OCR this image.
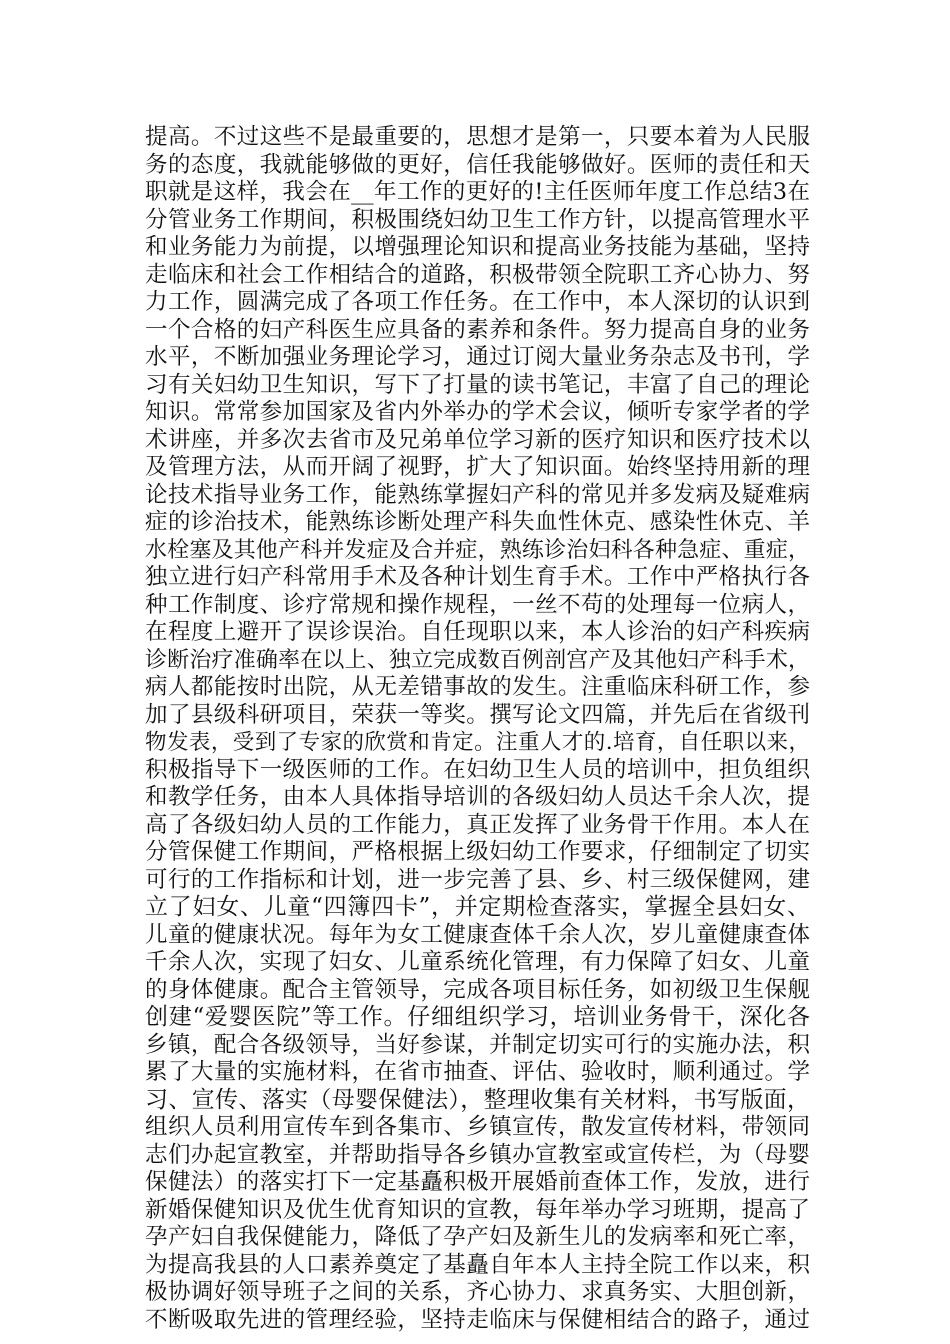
提高。不过这些不是最重要的，思想才是第一，只要本着为人民服
务的态度，我就能够做的更好，信任我能够做好。医师的责任和天
职就是这样，我会在__年工作的更好的!主任医师年度工作总结3在
分管业务工作期间，积极围绕妇幼卫生工作方针，以提高管理水平
和业务能力为前提，以增强理论知识和提高业务技能为基础，坚持
走临床和社会工作相结合的道路，积极带领全院职工齐心协力、努
力工作，圆满完成了各项工作任务。在工作中，本人深切的认识到
一个合格的妇产科医生应具备的素养和条件。努力提高自身的业务
水平，不断加强业务理论学习，通过订阅大量业务杂志及书刊，学
习有关妇幼卫生知识，写下了打量的读书笔记，丰富了自己的理论
知识。常常参加国家及省内外举办的学术会议，倾听专家学者的学
术讲座，并多次去省市及兄弟单位学习新的医疗知识和医疗技术以
及管理方法，从而开阔了视野，扩大了知识面。始终坚持用新的理
论技术指导业务工作，能熟练掌握妇产科的常见并多发病及疑难病
症的诊治技术，能熟练诊断处理产科失血性休克、感染性休克、羊
水栓塞及其他产科并发症及合并症，熟练诊治妇科各种急症、重症，
独立进行妇产科常用手术及各种计划生育手术。工作中严格执行各
种工作制度、诊疗常规和操作规程，一丝不苟的处理每一位病人，
在程度上避开了误诊误治。自任现职以来，本人诊治的妇产科疾病
诊断治疗准确率在以上、独立完成数百例剖宫产及其他妇产科手术，
病人都能按时出院，从无差错事故的发生。注重临床科研工作，参
加了县级科研项目，荣获一等奖。撰写论文四篇，并先后在省级刊
物发表，受到了专家的欣赏和肯定。注重人才的.培育，自任职以来，
积极指导下一级医师的工作。在妇幼卫生人员的培训中，担负组织
和教学任务，由本人具体指导培训的各级妇幼人员达千余人次，提
高了各级妇幼人员的工作能力，真正发挥了业务骨干作用。本人在
分管保健工作期间，严格根据上级妇幼工作要求，仔细制定了切实
可行的工作指标和计划，进一步完善了县、乡、村三级保健网，建
立了妇女、儿童“四簿四卡”，并定期检查落实，掌握全县妇女、
儿童的健康状况。每年为女工健康查体千余人次，岁儿童健康查体
千余人次，实现了妇女、儿童系统化管理，有力保障了妇女、儿童
的身体健康。配合主管领导，完成各项目标任务，如初级卫生保舰
创建“爱婴医院”等工作。仔细组织学习，培训业务骨干，深化各
乡镇，配合各级领导，当好参谋，并制定切实可行的实施办法，积
累了大量的实施材料，在省市抽查、评估、验收时，顺利通过。学
习、宣传、落实（母婴保健法），整理收集有关材料，书写版面，
组织人员利用宣传车到各集市、乡镇宣传，散发宣传材料，带领同
志们办起宣教室，并帮助指导各乡镇办宣教室或宣传栏，为（母婴
保健法）的落实打下一定基矗积极开展婚前查体工作，发放，进行
新婚保健知识及优生优育知识的宣教，每年举办学习班期，提高了
孕产妇自我保健能力，降低了孕产妇及新生儿的发病率和死亡率，
为提高我县的人口素养奠定了基矗自年本人主持全院工作以来，积
极协调好领导班子之间的关系，齐心协力、求真务实、大胆创新，
不断吸取先进的管理经验，坚持走临床与保健相结合的路子，通过
